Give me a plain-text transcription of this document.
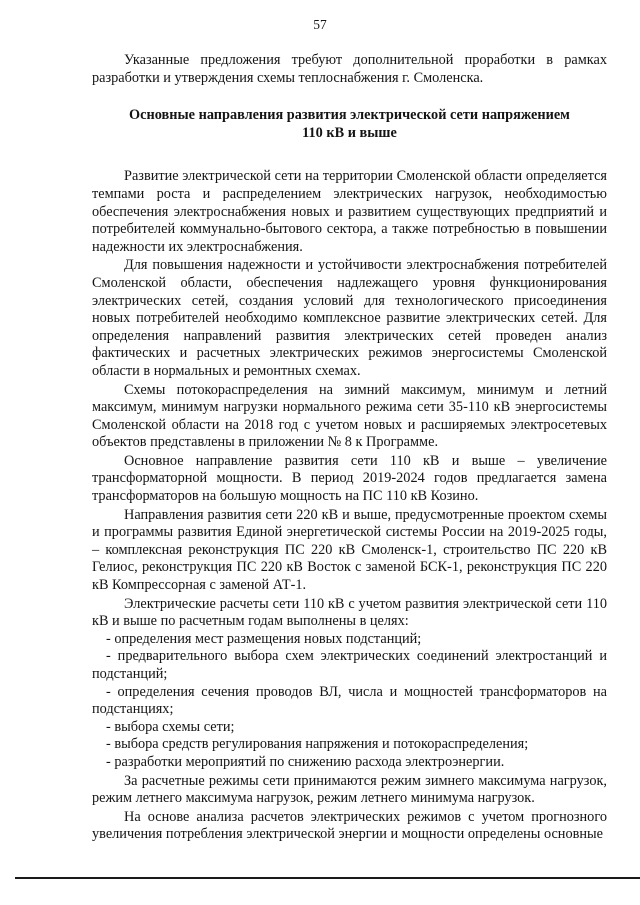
57

Указанные предложения требуют дополнительной проработки в рамках разработки и утверждения схемы теплоснабжения г. Смоленска.

Основные направления развития электрической сети напряжением
110 кВ и выше

Развитие электрической сети на территории Смоленской области определяется темпами роста и распределением электрических нагрузок, необходимостью обеспечения электроснабжения новых и развитием существующих предприятий и потребителей коммунально-бытового сектора, а также потребностью в повышении надежности их электроснабжения.

Для повышения надежности и устойчивости электроснабжения потребителей Смоленской области, обеспечения надлежащего уровня функционирования электрических сетей, создания условий для технологического присоединения новых потребителей необходимо комплексное развитие электрических сетей. Для определения направлений развития электрических сетей проведен анализ фактических и расчетных электрических режимов энергосистемы Смоленской области в нормальных и ремонтных схемах.

Схемы потокораспределения на зимний максимум, минимум и летний максимум, минимум нагрузки нормального режима сети 35-110 кВ энергосистемы Смоленской области на 2018 год с учетом новых и расширяемых электросетевых объектов представлены в приложении № 8 к Программе.

Основное направление развития сети 110 кВ и выше – увеличение трансформаторной мощности. В период 2019-2024 годов предлагается замена трансформаторов на большую мощность на ПС 110 кВ Козино.

Направления развития сети 220 кВ и выше, предусмотренные проектом схемы и программы развития Единой энергетической системы России на 2019-2025 годы, – комплексная реконструкция ПС 220 кВ Смоленск-1, строительство ПС 220 кВ Гелиос, реконструкция ПС 220 кВ Восток с заменой БСК-1, реконструкция ПС 220 кВ Компрессорная с заменой АТ-1.

Электрические расчеты сети 110 кВ с учетом развития электрической сети 110 кВ и выше по расчетным годам выполнены в целях:

- определения мест размещения новых подстанций;

- предварительного выбора схем электрических соединений электростанций и подстанций;

- определения сечения проводов ВЛ, числа и мощностей трансформаторов на подстанциях;

- выбора схемы сети;

- выбора средств регулирования напряжения и потокораспределения;

- разработки мероприятий по снижению расхода электроэнергии.

За расчетные режимы сети принимаются режим зимнего максимума нагрузок, режим летнего максимума нагрузок, режим летнего минимума нагрузок.

На основе анализа расчетов электрических режимов с учетом прогнозного увеличения потребления электрической энергии и мощности определены основные
